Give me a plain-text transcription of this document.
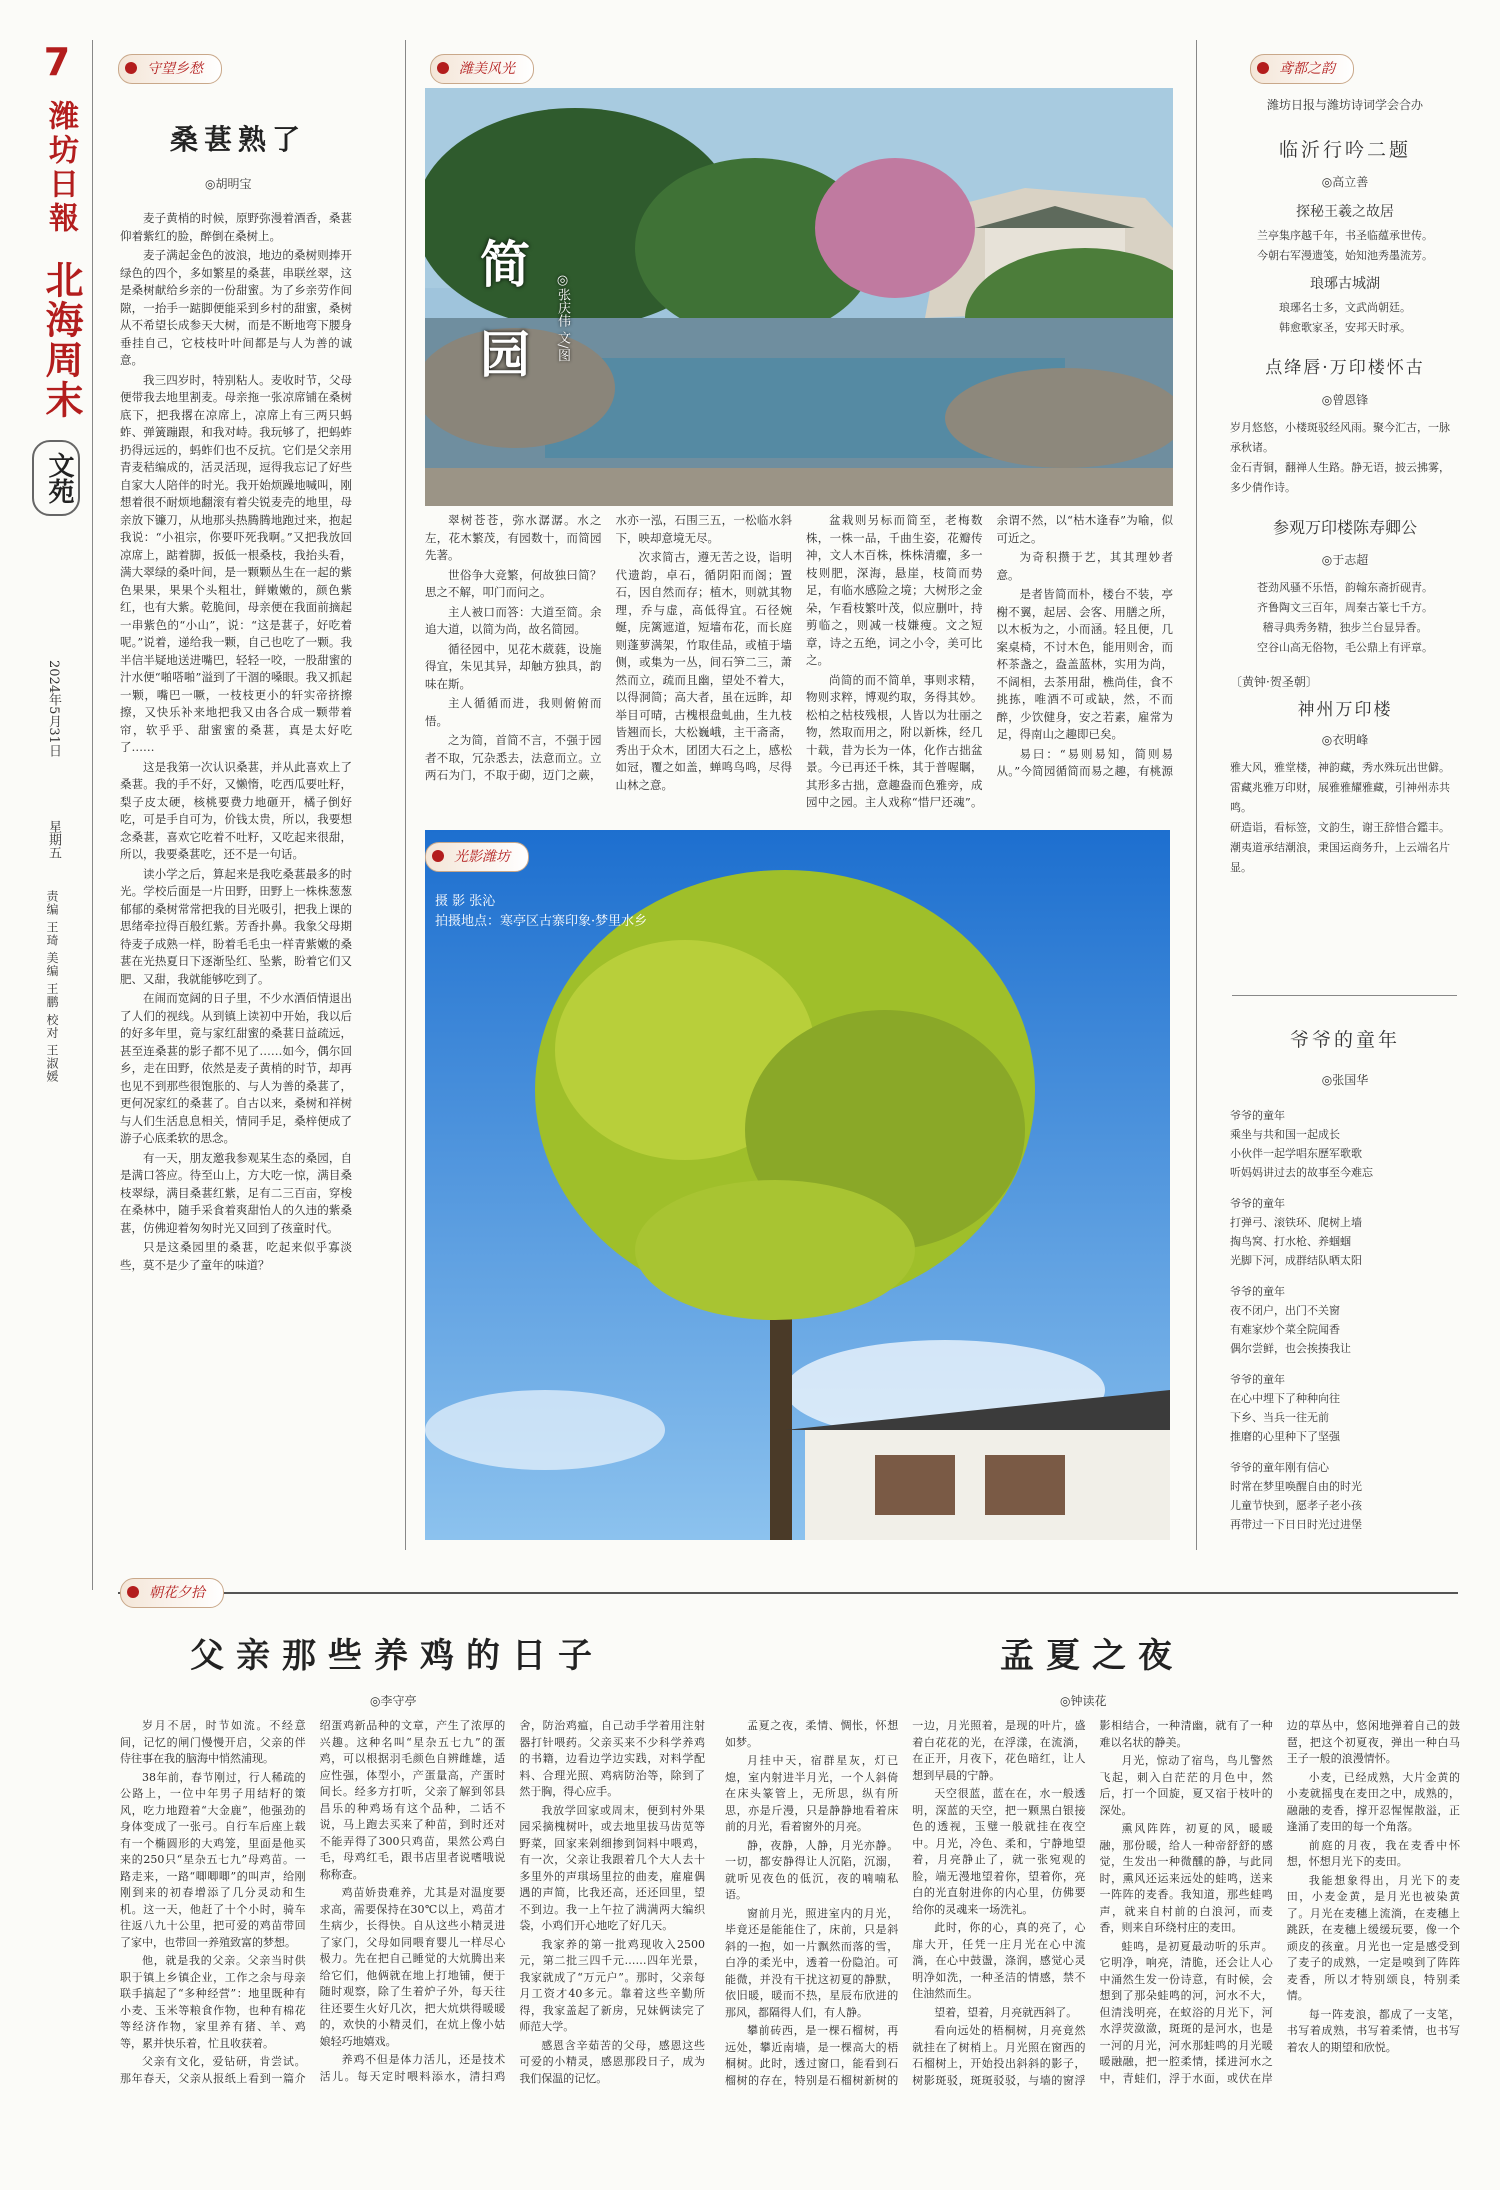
7
潍坊日報
北海周末
文苑
2024年5月31日
星期五
责编 王琦 美编 王鹏 校对 王淑媛
守望乡愁
桑葚熟了
◎胡明宝

麦子黄梢的时候，原野弥漫着酒香，桑葚仰着紫红的脸，醉倒在桑树上。

麦子满起金色的波浪，地边的桑树则捧开绿色的四个，多如繁星的桑葚，串联丝翠，这是桑树献给乡亲的一份甜蜜。为了乡亲劳作间隙，一抬手一踮脚便能采到乡村的甜蜜，桑树从不希望长成参天大树，而是不断地弯下腰身垂挂自己，它枝枝叶叶间都是与人为善的诚意。

我三四岁时，特别粘人。麦收时节，父母便带我去地里割麦。母亲拖一张凉席铺在桑树底下，把我撂在凉席上，凉席上有三两只蚂蚱、弹簧蹦跟，和我对峙。我玩够了，把蚂蚱扔得远远的，蚂蚱们也不反抗。它们是父亲用青麦秸编成的，活灵活现，逗得我忘记了好些自家大人陪伴的时光。我开始烦躁地喊叫，刚想着很不耐烦地翻滚有着尖锐麦壳的地里，母亲放下镰刀，从地那头热腾腾地跑过来，抱起我说：“小祖宗，你要吓死我啊。”又把我放回凉席上，踮着脚，扳低一根桑枝，我抬头看，满大翠绿的桑叶间，是一颗颗丛生在一起的紫色果果，果果个头粗壮，鲜嫩嫩的，颜色紫红，也有大紫。乾脆间，母亲便在我面前摘起一串紫色的“小山”，说：“这是葚子，好吃着呢。”说着，递给我一颗，自己也吃了一颗。我半信半疑地送进嘴巴，轻轻一咬，一股甜蜜的汁水便“啪嗒啪”溢到了干涸的嗓眼。我又抓起一颗，嘴巴一噘，一枝枝更小的轩实帝挤擦擦，又快乐补来地把我又由各合成一颗带着帘，软乎乎、甜蜜蜜的桑葚，真是太好吃了……

这是我第一次认识桑葚，并从此喜欢上了桑葚。我的手不好，又懒惰，吃西瓜要吐籽，梨子皮太硬，核桃要费力地砸开，橘子倒好吃，可是手自可为，价钱太贵，所以，我要想念桑葚，喜欢它吃着不吐籽，又吃起来很甜，所以，我要桑葚吃，还不是一句话。

读小学之后，算起来是我吃桑葚最多的时光。学校后面是一片田野，田野上一株株葱葱郁郁的桑树常常把我的目光吸引，把我上课的思绪牵拉得百般红紫。芳香扑鼻。我象父母期待麦子成熟一样，盼着毛毛虫一样青紫嫩的桑葚在光热夏日下逐渐坠红、坠紫，盼着它们又肥、又甜，我就能够吃到了。

在闹而宽阔的日子里，不少水酒佰情退出了人们的视线。从到镇上读初中开始，我以后的好多年里，竟与家红甜蜜的桑葚日益疏远，甚至连桑葚的影子都不见了……如今，偶尔回乡，走在田野，依然是麦子黄梢的时节，却再也见不到那些很饱胀的、与人为善的桑葚了，更何况家红的桑葚了。自古以来，桑树和祥树与人们生活息息相关，情同手足，桑梓便成了游子心底柔软的思念。

有一天，朋友邀我参观某生态的桑园，自是满口答应。待至山上，方大吃一惊，满目桑枝翠绿，满目桑葚红紫，足有二三百亩，穿梭在桑林中，随手采食着爽甜怡人的久违的紫桑葚，仿佛迎着匆匆时光又回到了孩童时代。

只是这桑园里的桑葚，吃起来似乎寡淡些，莫不是少了童年的味道？

潍美风光
简园	◎张庆伟 文/图

翠树苍苍，弥水潺潺。水之左，花木繁茂，有园数十，而简园先著。

世俗争大竞繁，何故独曰简？思之不解，叩门而问之。

主人被口而答：大道至简。余追大道，以简为尚，故名简园。

循径园中，见花木葳蕤，设施得宜，朱见其异，却触方独具，韵味在斯。

主人循循而进，我则俯俯而悟。

之为简，首简不言，不强于园者不取，冗杂悉去，法意而立。立两石为门，不取于砌，迈门之蕨，水亦一泓，石围三五，一松临水斜下，映却意境无尽。

次求简古，遵无苦之设，诣明代遗韵，卓石，循阴阳而阁；置石，因自然而存；植木，则就其物理，乔与虚，高低得宜。石径婉蜒，庑篱遮道，短墙布花，而长庭则蓬萝满架，竹取佳品，或植于墙侧，或集为一丛，间石笋二三，萧然而立，疏而且幽，望处不着大，以得洞简；高大者，虽在远眸，却举目可晴，古槐根盘虬曲，生九枝皆翘而长，大松巍峨，主干斋斋，秀出于众木，团团大石之上，感松如冠，覆之如盖，蝉鸣鸟鸣，尽得山林之意。

盆栽则另标而简至，老梅数株，一株一品，千曲生姿，花瓣传神，文人木百株，株株清癯，多一枝则肥，深海，悬崖，枝简而势足，有临水感险之境；大树形之金朵，乍看枝繁叶茂，似应删叶，持剪临之，则减一枝嫌瘦。文之短章，诗之五绝，词之小令，美可比之。

尚简的而不简单，事则求精，物则求粹，博观约取，务得其妙。松柏之枯枝残根，人皆以为壮丽之物，然取而用之，附以新株，经几十载，昔为长为一体，化作古拙盆景。今已再还千株，其于普喔瞩，其形多古拙，意趣盎而色雅旁，成园中之园。主人戏称“惜尸还魂”。余谓不然，以“枯木逢春”为喻，似可近之。

为奇积攒于艺，其其理妙者意。

是者皆简而朴，楼台不装，亭榭不翼，起居、会客、用膳之所，以木板为之，小而涵。轻且便，几案桌椅，不讨木色，能用则舍，而杯茶盏之，盎盖蓝林，实用为尚，不阔相，去茶用甜，樵尚佳，食不挑拣，唯酒不可或缺，然，不而醉，少饮健身，安之若素，雇常为足，得南山之趣即已矣。

易曰：“易则易知，简则易从。”今简园循简而易之趣，有桃源

光影潍坊
摄 影 张沁
拍摄地点：寒亭区古寨印象·梦里水乡
鸢都之韵
潍坊日报与潍坊诗词学会合办
临沂行吟二题
◎高立善
探秘王羲之故居
兰亭集序越千年，书圣临蕴承世传。
今朝右军漫遗笺，始知池秀墨流芳。
琅琊古城湖
琅琊名士多，文武尚朝廷。
韩愈歌家圣，安邦天时承。
点绛唇·万印楼怀古
◎曾恩锋
岁月悠悠，小楼斑驳经风雨。聚今汇古，一脉承秋诸。
金石青铜，翻禅人生路。静无语，披云拂雾，多少倩作诗。
参观万印楼陈寿卿公
◎于志超
苍劲风骚不乐悟，韵翰东斋折砚青。
齐鲁陶文三百年，周秦古篆七千方。
稽寻典秀务精，独步兰台显异香。
空谷山高无俗物，毛公鼎上有评章。
〔黄钟·贺圣朝〕
神州万印楼
◎衣明峰
雅大风，雅堂楼，神韵藏，秀水殊玩出世僻。雷藏兆雅万印财，展雅雅耀雅藏，引神州赤共鸣。
研造诣，看标签，文韵生，谢王辞惜合鑑丰。潮夷道承结潮浪，秉国运商务升，上云端名片显。
爷爷的童年
◎张国华
爷爷的童年
乘坐与共和国一起成长
小伙伴一起学唱东歷军歌歌
听妈妈讲过去的故事至今难忘
爷爷的童年
打弹弓、滚铁环、爬树上墙
掏鸟窝、打水枪、养蝈蝈
光脚下河，成群结队晒太阳
爷爷的童年
夜不闭户，出门不关窗
有难家炒个菜全院闻香
偶尔尝鲜，也会挨揍我让
爷爷的童年
在心中埋下了种种向往
下乡、当兵一往无前
推磨的心里种下了坚强
爷爷的童年刚有信心
时常在梦里唤醒自由的时光
儿童节快到，愿孝子老小孩
再带过一下日日时光过进堡
朝花夕拾
父亲那些养鸡的日子
◎李守亭

岁月不居，时节如流。不经意间，记忆的闸门慢慢开启，父亲的伴侍往事在我的脑海中悄然浦现。

38年前，春节刚过，行人稀疏的公路上，一位中年男子用结籽的策风，吃力地蹬着“大金鹿”，他强劲的身体变成了一张弓。自行车后座上载有一个椭圆形的大鸡笼，里面是他买来的250只“星杂五七九”母鸡苗。一路走来，一路“唧唧唧”的叫声，给刚刚到来的初春增添了几分灵动和生机。这一天，他赶了十个小时，骑车往返八九十公里，把可爱的鸡苗带回了家中，也带回一养殖致富的梦想。

他，就是我的父亲。父亲当时供职于镇上乡镇企业，工作之余与母亲联手搞起了“多种经营”：地里既种有小麦、玉米等粮食作物，也种有棉花等经济作物，家里养有猪、羊、鸡等，累并快乐着，忙且收获着。

父亲有文化，爱钻研，肯尝试。那年春天，父亲从报纸上看到一篇介绍蛋鸡新品种的文章，产生了浓厚的兴趣。这种名叫“星杂五七九”的蛋鸡，可以根据羽毛颜色自辨雌雄，适应性强，体型小，产蛋量高，产蛋时间长。经多方打听，父亲了解到邻县昌乐的种鸡场有这个品种，二话不说，马上跑去买来了种苗，到时还对不能弄得了300只鸡苗，果然公鸡白毛，母鸡红毛，跟书店里者说嗜哦说称称查。

鸡苗娇贵难养，尤其是对温度要求高，需要保持在30℃以上，鸡苗才生病少，长得快。自从这些小精灵进了家门，父母如同喂育婴儿一样尽心极力。先在把自己睡觉的大炕腾出来给它们，他俩就在地上打地铺，便于随时观察，除了生着炉子外，每天往往还要生火好几次，把大炕烘得暖暖的，欢快的小精灵们，在炕上像小姑娘轻巧地嬉戏。

养鸡不但是体力活儿，还是技术活儿。每天定时喂料添水，清扫鸡舍，防治鸡瘟，自己动手学着用注射器打针喂药。父亲买来不少科学养鸡的书籍，边看边学边实践，对料学配料、合理光照、鸡病防治等，除到了然于胸，得心应手。

我放学回家或周末，便到村外果园采摘槐树叶，或去地里拔马齿苋等野菜，回家来剁细掺到饲料中喂鸡，有一次，父亲让我跟着几个大人去十多里外的声琪场里拉的曲麦，雇雇偶遇的声简，比我还高，还还回里，望不到边。我一上午拉了满满两大编织袋，小鸡们开心地吃了好几天。

我家养的第一批鸡现收入2500元，第二批三四千元……四年光景，我家就成了“万元户”。那时，父亲每月工资才40多元。靠着这些辛勤所得，我家盖起了新房，兄妹俩读完了师范大学。

感恩含辛茹苦的父母，感恩这些可爱的小精灵，感恩那段日子，成为我们保温的记忆。

孟夏之夜
◎钟读花

孟夏之夜，柔情、惆怅，怀想如梦。

月挂中天，宿群星灰，灯已熄，室内射进半月光，一个人斜倚在床头篆管上，无所思，纵有所思，亦是斤漫，只是静静地看着床前的月光，看着窗外的月亮。

静，夜静，人静，月光亦静。一切，都安静得让人沉陷，沉溺，就听见夜色的低沉，夜的喃喃私语。

窗前月光，照进室内的月光，毕竟还是能能住了，床前，只是斜斜的一抱，如一片飘然而落的雪，白净的柔光中，透着一份隐泊。可能微，并没有干扰这初夏的静默，依旧暖，暖而不热，星辰布欣进的那风，都隔得人们，有人静。

攀前砖西，是一棵石榴树，再远处，攀近南墙，是一棵高大的梧桐树。此时，透过窗口，能看到石榴树的存在，特别是石榴树新树的一边，月光照着，是现的叶片，盛着白花花的光，在浮漾，在流淌，在正开，月夜下，花色暗红，让人想到早晨的宁静。

天空很蓝，蓝在在，水一般透明，深蓝的天空，把一颗黑白银接色的透视，玉璧一般就挂在夜空中。月光，冷色、柔和，宁静地望着，月亮静止了，就一张宛观的脸，端无漫地望着你，望着你，亮白的光直射进你的内心里，仿佛要给你的灵魂来一场洗礼。

此时，你的心，真的亮了，心扉大开，任凭一庄月光在心中流淌，在心中鼓盪，涤润，感觉心灵明净如洗，一种圣洁的情感，禁不住油然而生。

望着，望着，月亮就西斜了。

看向远处的梧桐树，月亮竟然就挂在了树梢上。月光照在窗西的石榴树上，开始投出斜斜的影子，树影斑驳，斑斑驳驳，与墙的窗浮影相结合，一种清幽，就有了一种难以名状的静美。

月光，惊动了宿鸟，鸟儿警然飞起，刺入白茫茫的月色中，然后，打一个回旋，夏又宿于枝叶的深处。

熏风阵阵，初夏的风，暖暖融，那份暖，给人一种帝舒舒的感觉，生发出一种微醺的静，与此同时，熏风还运来远处的蛙鸣，送来一阵阵的麦香。我知道，那些蛙鸣声，就来自村前的白浪河，而麦香，则来自环绕村庄的麦田。

蛙鸣，是初夏最动听的乐声。它明净，响亮，清脆，还会让人心中涌然生发一份诗意，有时候，会想到了那朵蛙鸣的河，河水不大，但清浅明亮，在蚁浴的月光下，河水浮荧潋潋，斑斑的是河水，也是一河的月光，河水那蛙鸣的月光暖暖融融，把一腔柔情，揉进河水之中，青蛙们，浮于水面，或伏在岸边的草丛中，悠闲地弹着自己的鼓琶，把这个初夏夜，弹出一种白马王子一般的浪漫情怀。

小麦，已经成熟，大片金黄的小麦就摇曳在麦田之中，成熟的，融融的麦香，撑开忍惺惺散溢，正逢涌了麦田的每一个角落。

前庭的月夜，我在麦香中怀想，怀想月光下的麦田。

我能想象得出，月光下的麦田，小麦金黄，是月光也被染黄了。月光在麦穗上流淌，在麦穗上跳跃，在麦穗上缓缓玩要，像一个顽皮的孩童。月光也一定是感受到了麦子的成熟，一定是嗅到了阵阵麦香，所以才特别颂良，特别柔情。

每一阵麦浪，都成了一支笔，书写着成熟，书写着柔情，也书写着农人的期望和欣悦。
